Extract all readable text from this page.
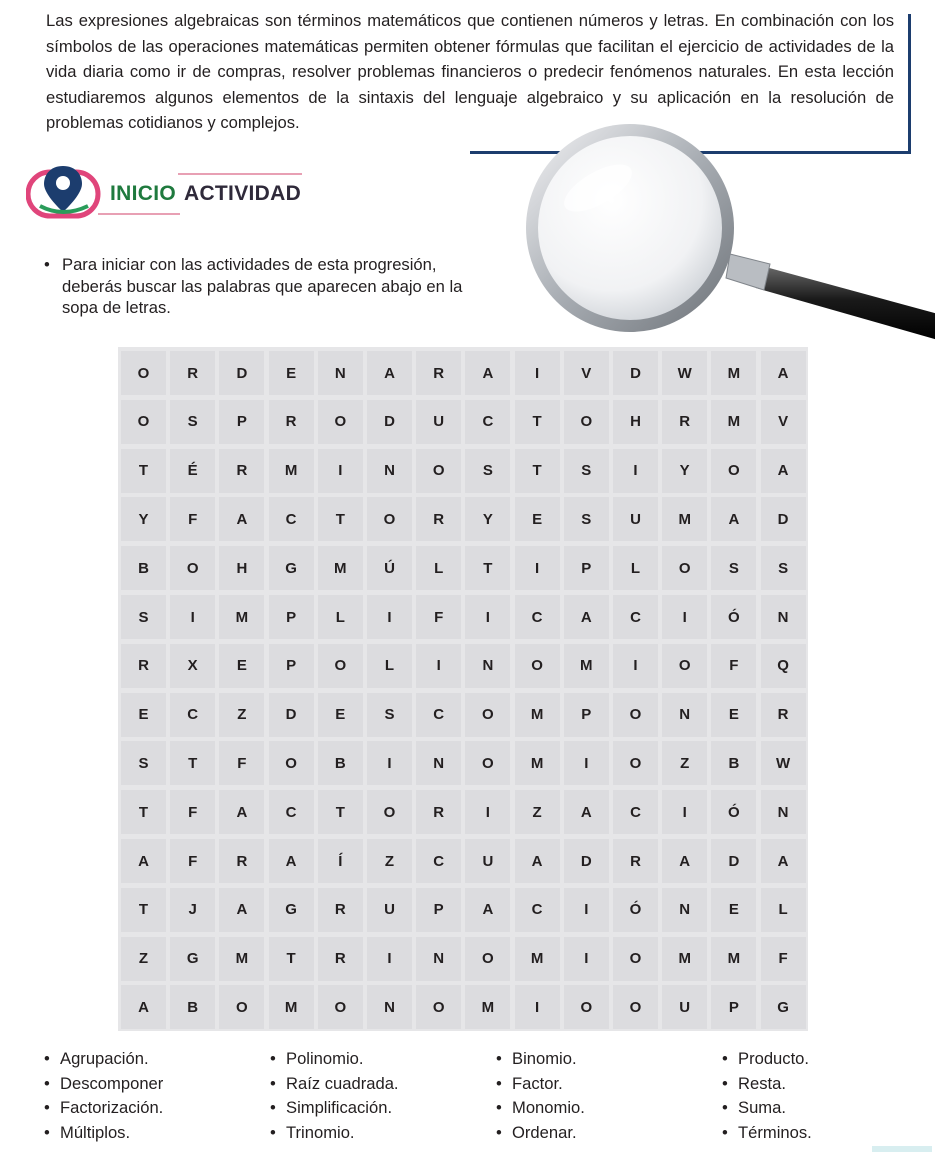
Las expresiones algebraicas son términos matemáticos que contienen números y letras. En combinación con los símbolos de las operaciones matemáticas permiten obtener fórmulas que facilitan el ejercicio de actividades de la vida diaria como ir de compras, resolver problemas financieros o predecir fenómenos naturales. En esta lección estudiaremos algunos elementos de la sintaxis del lenguaje algebraico y su aplicación en la resolución de problemas cotidianos y complejos.

INICIO ACTIVIDAD
• Para iniciar con las actividades de esta progresión, deberás buscar las palabras que aparecen abajo en la sopa de letras.
O	R	D	E	N	A	R	A	I	V	D	W	M	A
O	S	P	R	O	D	U	C	T	O	H	R	M	V
T	É	R	M	I	N	O	S	T	S	I	Y	O	A
Y	F	A	C	T	O	R	Y	E	S	U	M	A	D
B	O	H	G	M	Ú	L	T	I	P	L	O	S	S
S	I	M	P	L	I	F	I	C	A	C	I	Ó	N
R	X	E	P	O	L	I	N	O	M	I	O	F	Q
E	C	Z	D	E	S	C	O	M	P	O	N	E	R
S	T	F	O	B	I	N	O	M	I	O	Z	B	W
T	F	A	C	T	O	R	I	Z	A	C	I	Ó	N
A	F	R	A	Í	Z	C	U	A	D	R	A	D	A
T	J	A	G	R	U	P	A	C	I	Ó	N	E	L
Z	G	M	T	R	I	N	O	M	I	O	M	M	F
A	B	O	M	O	N	O	M	I	O	O	U	P	G
• Agrupación.
• Descomponer
• Factorización.
• Múltiplos.
• Polinomio.
• Raíz cuadrada.
• Simplificación.
• Trinomio.
• Binomio.
• Factor.
• Monomio.
• Ordenar.
• Producto.
• Resta.
• Suma.
• Términos.
